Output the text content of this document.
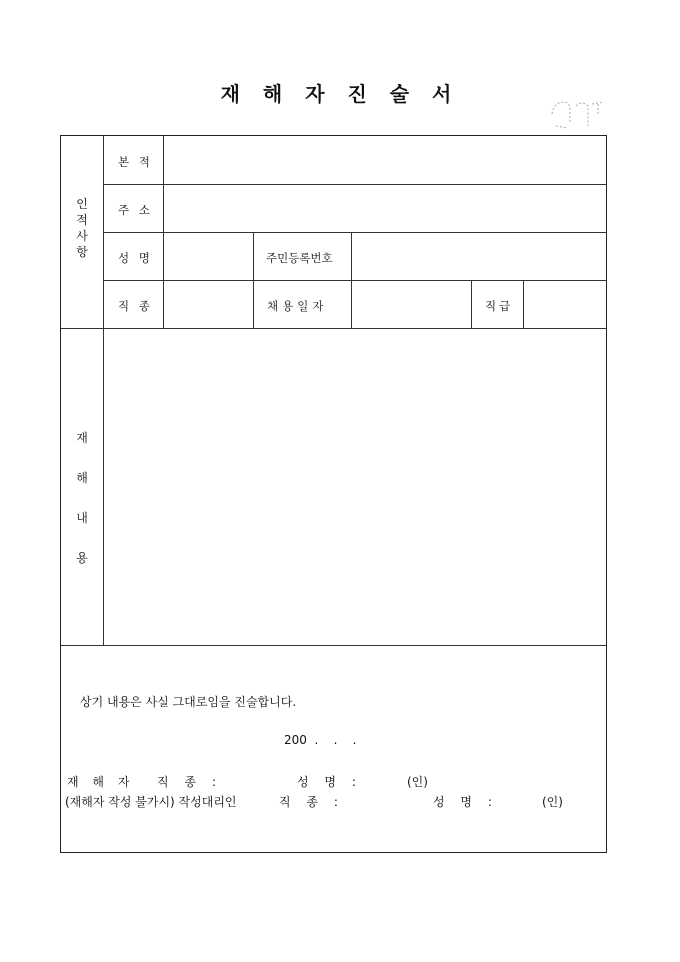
재 해 자 진 술 서
인
적
사
항
본 적
주 소
성 명	주민등록번호
직 종	채용일자	직급
재
해
내
용
상기 내용은 사실 그대로임을 진술합니다.
200  .    .    .
재 해 자 직 종 :	성 명 :	(인)
(재해자 작성 불가시) 작성대리인	직 종 :	성 명 :	(인)
